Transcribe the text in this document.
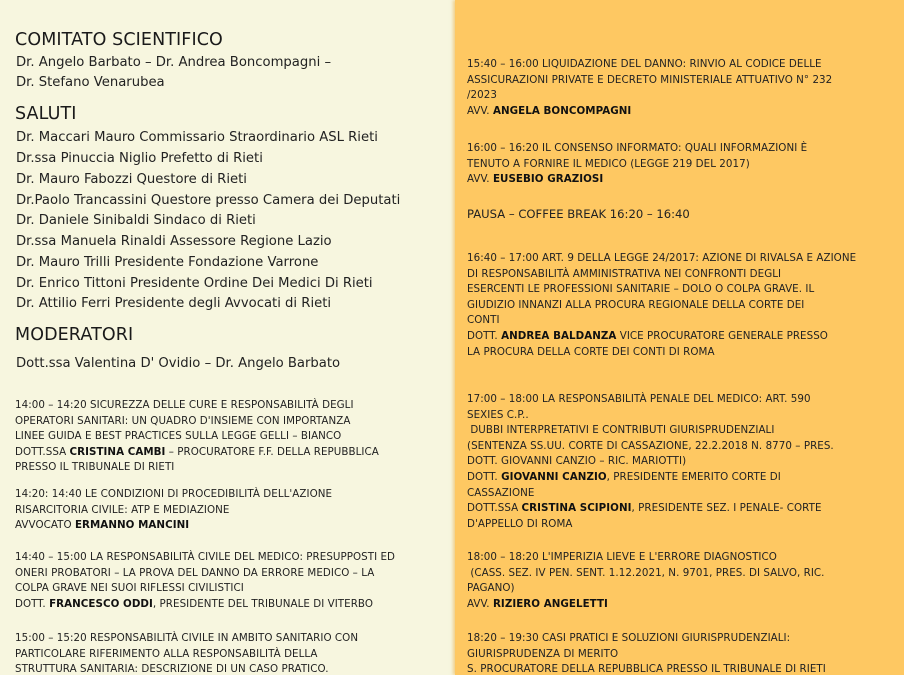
COMITATO SCIENTIFICO
Dr. Angelo Barbato – Dr. Andrea Boncompagni –
Dr. Stefano Venarubea
SALUTI
Dr. Maccari Mauro Commissario Straordinario ASL Rieti
Dr.ssa Pinuccia Niglio Prefetto di Rieti
Dr. Mauro Fabozzi Questore di Rieti
Dr.Paolo Trancassini Questore presso Camera dei Deputati
Dr. Daniele Sinibaldi Sindaco di Rieti
Dr.ssa Manuela Rinaldi Assessore Regione Lazio
Dr. Mauro Trilli Presidente Fondazione Varrone
Dr. Enrico Tittoni Presidente Ordine Dei Medici Di Rieti
Dr. Attilio Ferri Presidente degli Avvocati di Rieti
MODERATORI
Dott.ssa Valentina D' Ovidio – Dr. Angelo Barbato
14:00 – 14:20 SICUREZZA DELLE CURE E RESPONSABILITÀ DEGLI
OPERATORI SANITARI: UN QUADRO D'INSIEME CON IMPORTANZA
LINEE GUIDA E BEST PRACTICES SULLA LEGGE GELLI – BIANCO
DOTT.SSA CRISTINA CAMBI – PROCURATORE F.F. DELLA REPUBBLICA
PRESSO IL TRIBUNALE DI RIETI
14:20: 14:40 LE CONDIZIONI DI PROCEDIBILITÀ DELL'AZIONE
RISARCITORIA CIVILE: ATP E MEDIAZIONE
AVVOCATO ERMANNO MANCINI
14:40 – 15:00 LA RESPONSABILITÀ CIVILE DEL MEDICO: PRESUPPOSTI ED
ONERI PROBATORI – LA PROVA DEL DANNO DA ERRORE MEDICO – LA
COLPA GRAVE NEI SUOI RIFLESSI CIVILISTICI
DOTT. FRANCESCO ODDI, PRESIDENTE DEL TRIBUNALE DI VITERBO
15:00 – 15:20 RESPONSABILITÀ CIVILE IN AMBITO SANITARIO CON
PARTICOLARE RIFERIMENTO ALLA RESPONSABILITÀ DELLA
STRUTTURA SANITARIA: DESCRIZIONE DI UN CASO PRATICO.
15:40 – 16:00 LIQUIDAZIONE DEL DANNO: RINVIO AL CODICE DELLE
ASSICURAZIONI PRIVATE E DECRETO MINISTERIALE ATTUATIVO N° 232
/2023
AVV. ANGELA BONCOMPAGNI
16:00 – 16:20 IL CONSENSO INFORMATO: QUALI INFORMAZIONI È
TENUTO A FORNIRE IL MEDICO (LEGGE 219 DEL 2017)
AVV. EUSEBIO GRAZIOSI
PAUSA – COFFEE BREAK 16:20 – 16:40
16:40 – 17:00 ART. 9 DELLA LEGGE 24/2017: AZIONE DI RIVALSA E AZIONE
DI RESPONSABILITÀ AMMINISTRATIVA NEI CONFRONTI DEGLI
ESERCENTI LE PROFESSIONI SANITARIE – DOLO O COLPA GRAVE. IL
GIUDIZIO INNANZI ALLA PROCURA REGIONALE DELLA CORTE DEI
CONTI
DOTT. ANDREA BALDANZA VICE PROCURATORE GENERALE PRESSO
LA PROCURA DELLA CORTE DEI CONTI DI ROMA
17:00 – 18:00 LA RESPONSABILITÀ PENALE DEL MEDICO: ART. 590
SEXIES C.P..
DUBBI INTERPRETATIVI E CONTRIBUTI GIURISPRUDENZIALI
(SENTENZA SS.UU. CORTE DI CASSAZIONE, 22.2.2018 N. 8770 – PRES.
DOTT. GIOVANNI CANZIO – RIC. MARIOTTI)
DOTT. GIOVANNI CANZIO, PRESIDENTE EMERITO CORTE DI
CASSAZIONE
DOTT.SSA CRISTINA SCIPIONI, PRESIDENTE SEZ. I PENALE- CORTE
D'APPELLO DI ROMA
18:00 – 18:20 L'IMPERIZIA LIEVE E L'ERRORE DIAGNOSTICO
(CASS. SEZ. IV PEN. SENT. 1.12.2021, N. 9701, PRES. DI SALVO, RIC.
PAGANO)
AVV. RIZIERO ANGELETTI
18:20 – 19:30 CASI PRATICI E SOLUZIONI GIURISPRUDENZIALI:
GIURISPRUDENZA DI MERITO
S. PROCURATORE DELLA REPUBBLICA PRESSO IL TRIBUNALE DI RIETI
